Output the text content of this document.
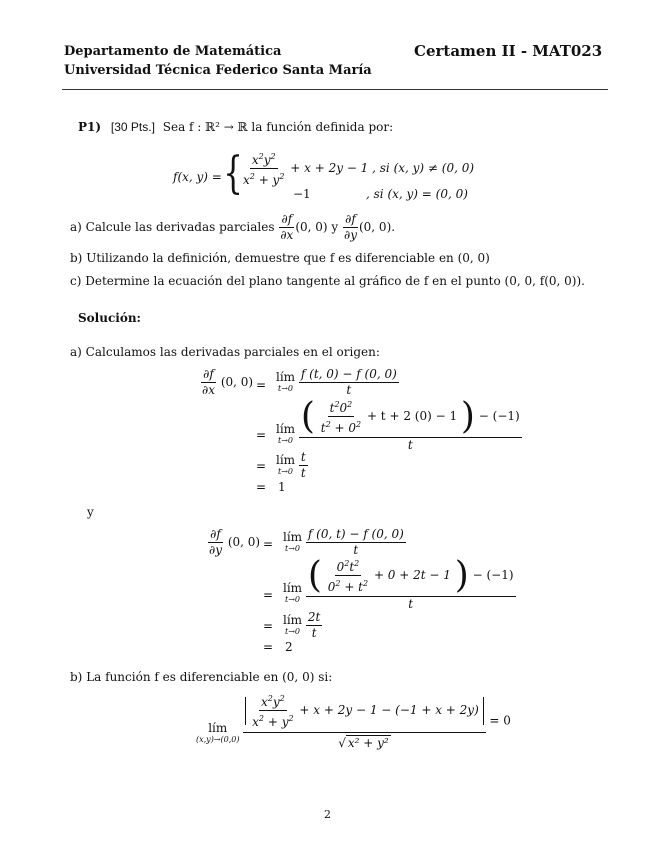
Departamento de Matemática
Universidad Técnica Federico Santa María
Certamen II - MAT023
P1) [30 Pts.] Sea f : ℝ² → ℝ la función definida por:
f(x, y) = {
$\frac{x^2y^2}{x^2 + y^2} + x + 2y - 1$ , si (x, y) ≠ (0, 0)
−1	, si (x, y) = (0, 0)
a) Calcule las derivadas parciales $\frac{\partial f}{\partial x} (0$, 0) y $\frac{\partial f}{\partial y} (0$, 0).
b) Utilizando la definición, demuestre que f es diferenciable en (0, 0)
c) Determine la ecuación del plano tangente al gráfico de f en el punto (0, 0, f(0, 0)).
Solución:
a) Calculamos las derivadas parciales en el origen:
$\frac{\partial f}{\partial x} (0$, 0) =
lím
t→0
$\frac{f (t, 0) - f (0, 0)}{t}$
= lím
t→0

( $\frac{t^20^2}{t^2 + 0^2} + t + 2$ (0) − 1 ) − (−1)
t
= lím
t→0
$\frac{t}{t}$
= 1
y
$\frac{\partial f}{\partial y} (0$, 0) =
lím
t→0
$\frac{f (0, t) - f (0, 0)}{t}$
= lím
t→0
$\frac{( \frac{0^2t^2}{0^2 + t^2} + 0 + 2t - 1 ) - (-1)}{t}$
= lím
t→0
$\frac{2t}{t}$
= 2
b) La función f es diferenciable en (0, 0) si:
lím
(x,y)→(0,0)

$\frac{\frac{x^2y^2}{x^2 + y^2} + x + 2y - 1 - (-1 + x + 2y)}{\text{√ x² + y²}} = 0$
2
